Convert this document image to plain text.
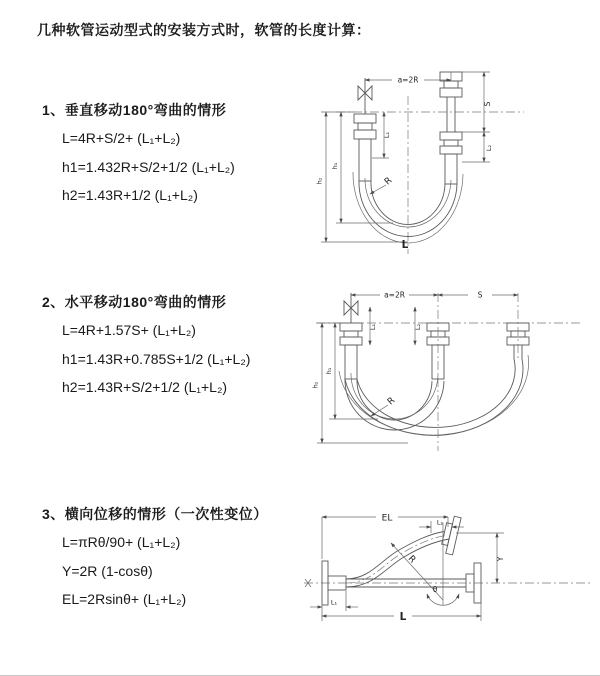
几种软管运动型式的安装方式时，软管的长度计算：
1、垂直移动180°弯曲的情形
L=4R+S/2+ (L₁+L₂)
h1=1.432R+S/2+1/2 (L₁+L₂)
h2=1.43R+1/2 (L₁+L₂)
a=2R
S
L₂
L₁
h₁
h₂	R
L
2、水平移动180°弯曲的情形
L=4R+1.57S+ (L₁+L₂)
h1=1.43R+0.785S+1/2 (L₁+L₂)
h2=1.43R+S/2+1/2 (L₁+L₂)
a=2R	S
L₁	L₂
h₁
h₂
R
3、横向位移的情形（一次性变位）
L=πRθ/90+ (L₁+L₂)
Y=2R (1-cosθ)
EL=2Rsinθ+ (L₁+L₂)
EL	L₂
Y
R
θ
L₁
L
